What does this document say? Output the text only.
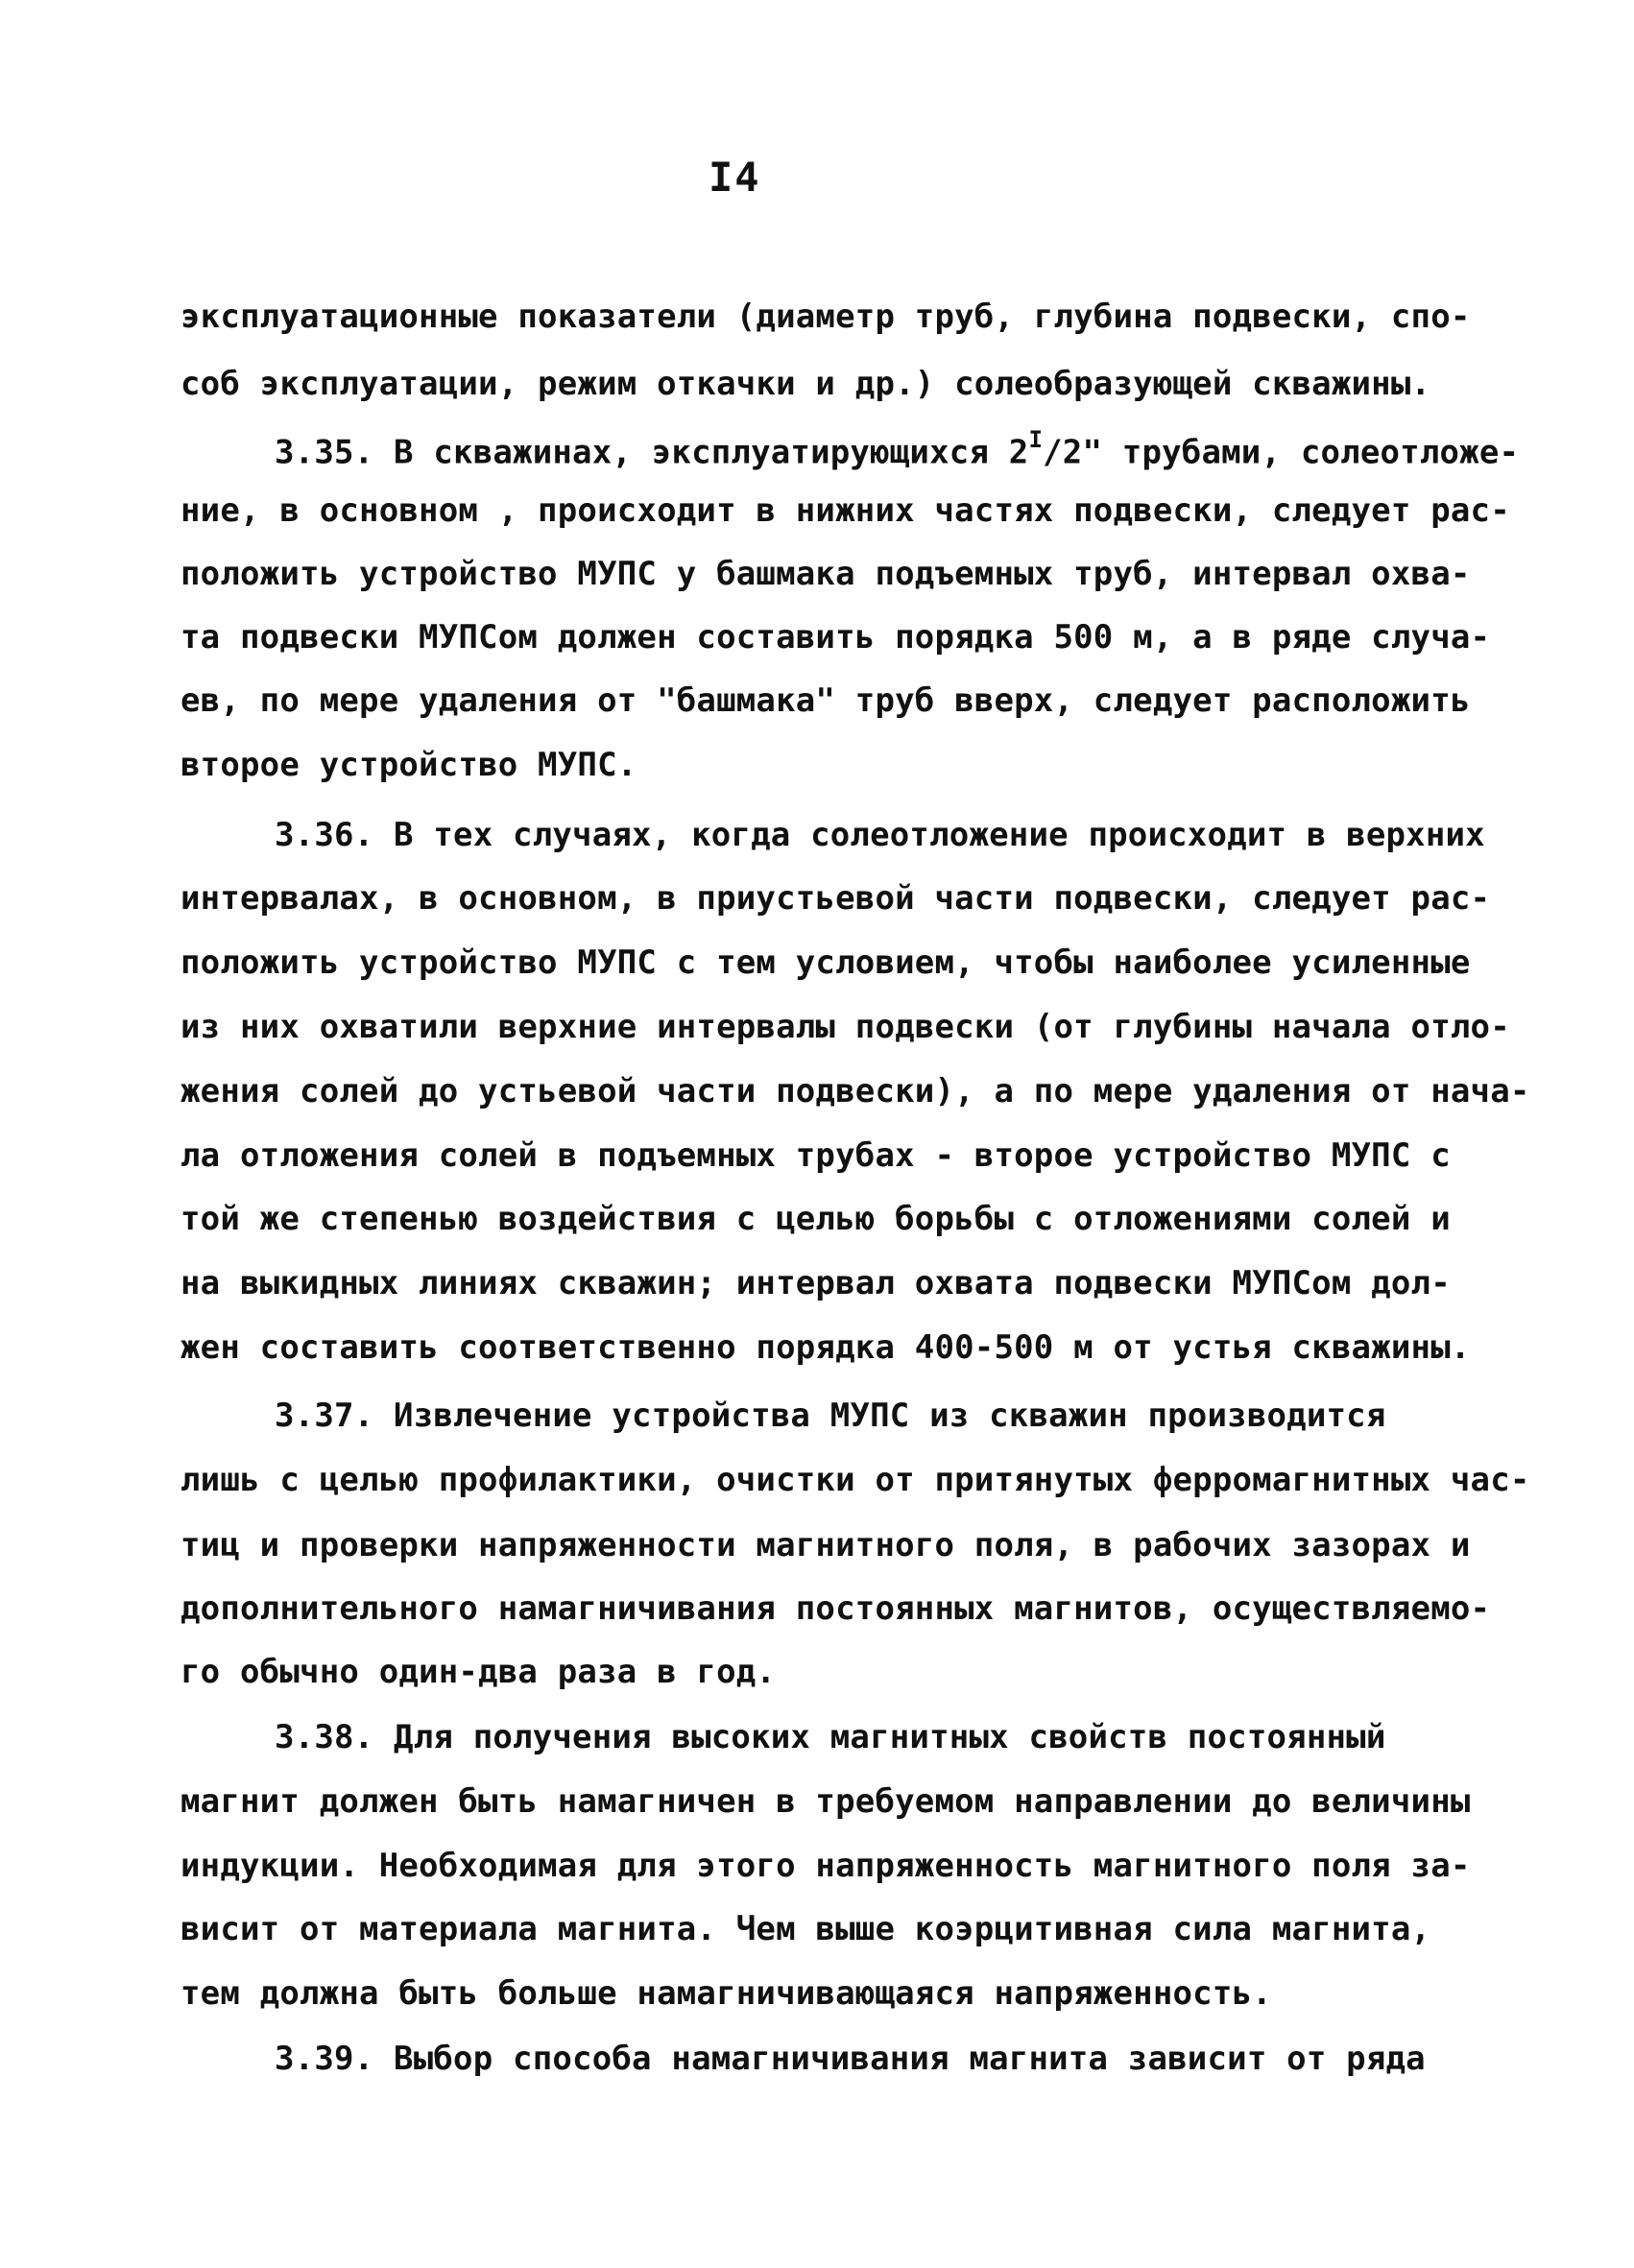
I4
эксплуатационные показатели (диаметр труб, глубина подвески, спо-
соб эксплуатации, режим откачки и др.) солеобразующей скважины.
3.35. В скважинах, эксплуатирующихся $2^I/2$" трубами, солеотложе-
ние, в основном , происходит в нижних частях подвески, следует рас-
положить устройство МУПС у башмака подъемных труб, интервал охва-
та подвески МУПСом должен составить порядка 500 м, а в ряде случа-
ев, по мере удаления от "башмака" труб вверх, следует расположить
второе устройство МУПС.
3.36. В тех случаях, когда солеотложение происходит в верхних
интервалах, в основном, в приустьевой части подвески, следует рас-
положить устройство МУПС с тем условием, чтобы наиболее усиленные
из них охватили верхние интервалы подвески (от глубины начала отло-
жения солей до устьевой части подвески), а по мере удаления от нача-
ла отложения солей в подъемных трубах - второе устройство МУПС с
той же степенью воздействия с целью борьбы с отложениями солей и
на выкидных линиях скважин; интервал охвата подвески МУПСом дол-
жен составить соответственно порядка 400-500 м от устья скважины.
3.37. Извлечение устройства МУПС из скважин производится
лишь с целью профилактики, очистки от притянутых ферромагнитных час-
тиц и проверки напряженности магнитного поля, в рабочих зазорах и
дополнительного намагничивания постоянных магнитов, осуществляемо-
го обычно один-два раза в год.
3.38. Для получения высоких магнитных свойств постоянный
магнит должен быть намагничен в требуемом направлении до величины
индукции. Необходимая для этого напряженность магнитного поля за-
висит от материала магнита. Чем выше коэрцитивная сила магнита,
тем должна быть больше намагничивающаяся напряженность.
3.39. Выбор способа намагничивания магнита зависит от ряда
